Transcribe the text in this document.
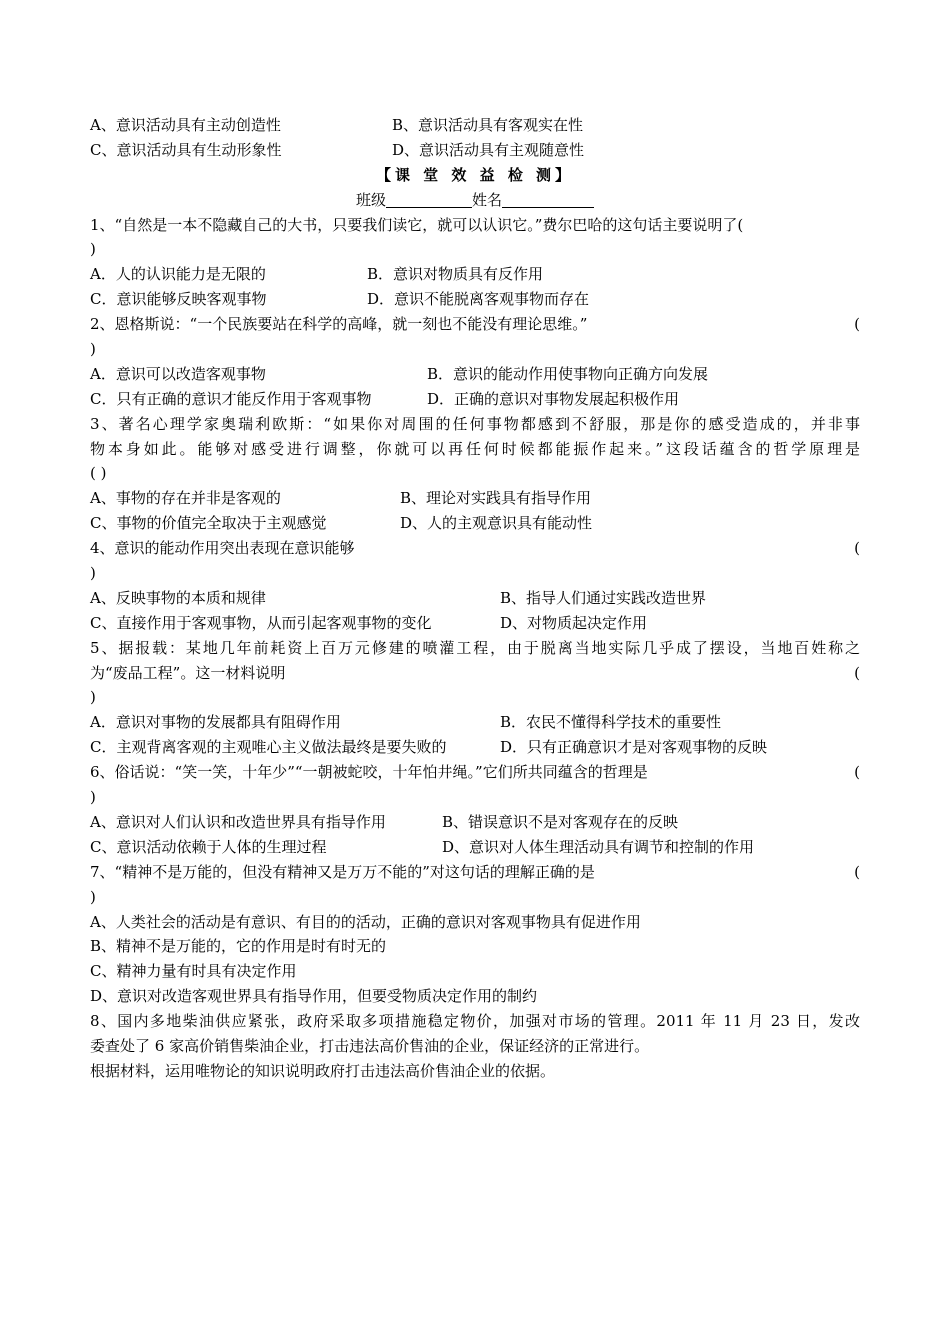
A、意识活动具有主动创造性	B、意识活动具有客观实在性
C、意识活动具有生动形象性	D、意识活动具有主观随意性
【课 堂 效 益 检 测】
班级	姓名
1、“自然是一本不隐藏自己的大书，只要我们读它，就可以认识它。”费尔巴哈的这句话主要说明了(
)
A．人的认识能力是无限的	B．意识对物质具有反作用
C．意识能够反映客观事物	D．意识不能脱离客观事物而存在
2、恩格斯说：“一个民族要站在科学的高峰，就一刻也不能没有理论思维。”	(
)
A．意识可以改造客观事物	B．意识的能动作用使事物向正确方向发展
C．只有正确的意识才能反作用于客观事物	D．正确的意识对事物发展起积极作用
3、著名心理学家奥瑞利欧斯：“如果你对周围的任何事物都感到不舒服，那是你的感受造成的，并非事
物本身如此。能够对感受进行调整，你就可以再任何时候都能振作起来。”这段话蕴含的哲学原理是
( )
A、事物的存在并非是客观的	B、理论对实践具有指导作用
C、事物的价值完全取决于主观感觉	D、人的主观意识具有能动性
4、意识的能动作用突出表现在意识能够	(
)
A、反映事物的本质和规律	B、指导人们通过实践改造世界
C、直接作用于客观事物，从而引起客观事物的变化	D、对物质起决定作用
5、据报载：某地几年前耗资上百万元修建的喷灌工程，由于脱离当地实际几乎成了摆设，当地百姓称之
为“废品工程”。这一材料说明	(
)
A．意识对事物的发展都具有阻碍作用	B．农民不懂得科学技术的重要性
C．主观背离客观的主观唯心主义做法最终是要失败的	D．只有正确意识才是对客观事物的反映
6、俗话说：“笑一笑，十年少”“一朝被蛇咬，十年怕井绳。”它们所共同蕴含的哲理是	(
)
A、意识对人们认识和改造世界具有指导作用	B、错误意识不是对客观存在的反映
C、意识活动依赖于人体的生理过程	D、意识对人体生理活动具有调节和控制的作用
7、“精神不是万能的，但没有精神又是万万不能的”对这句话的理解正确的是	(
)
A、人类社会的活动是有意识、有目的的活动，正确的意识对客观事物具有促进作用
B、精神不是万能的，它的作用是时有时无的
C、精神力量有时具有决定作用
D、意识对改造客观世界具有指导作用，但要受物质决定作用的制约
8、国内多地柴油供应紧张，政府采取多项措施稳定物价，加强对市场的管理。2011 年 11 月 23 日，发改
委查处了 6 家高价销售柴油企业，打击违法高价售油的企业，保证经济的正常进行。
根据材料，运用唯物论的知识说明政府打击违法高价售油企业的依据。
